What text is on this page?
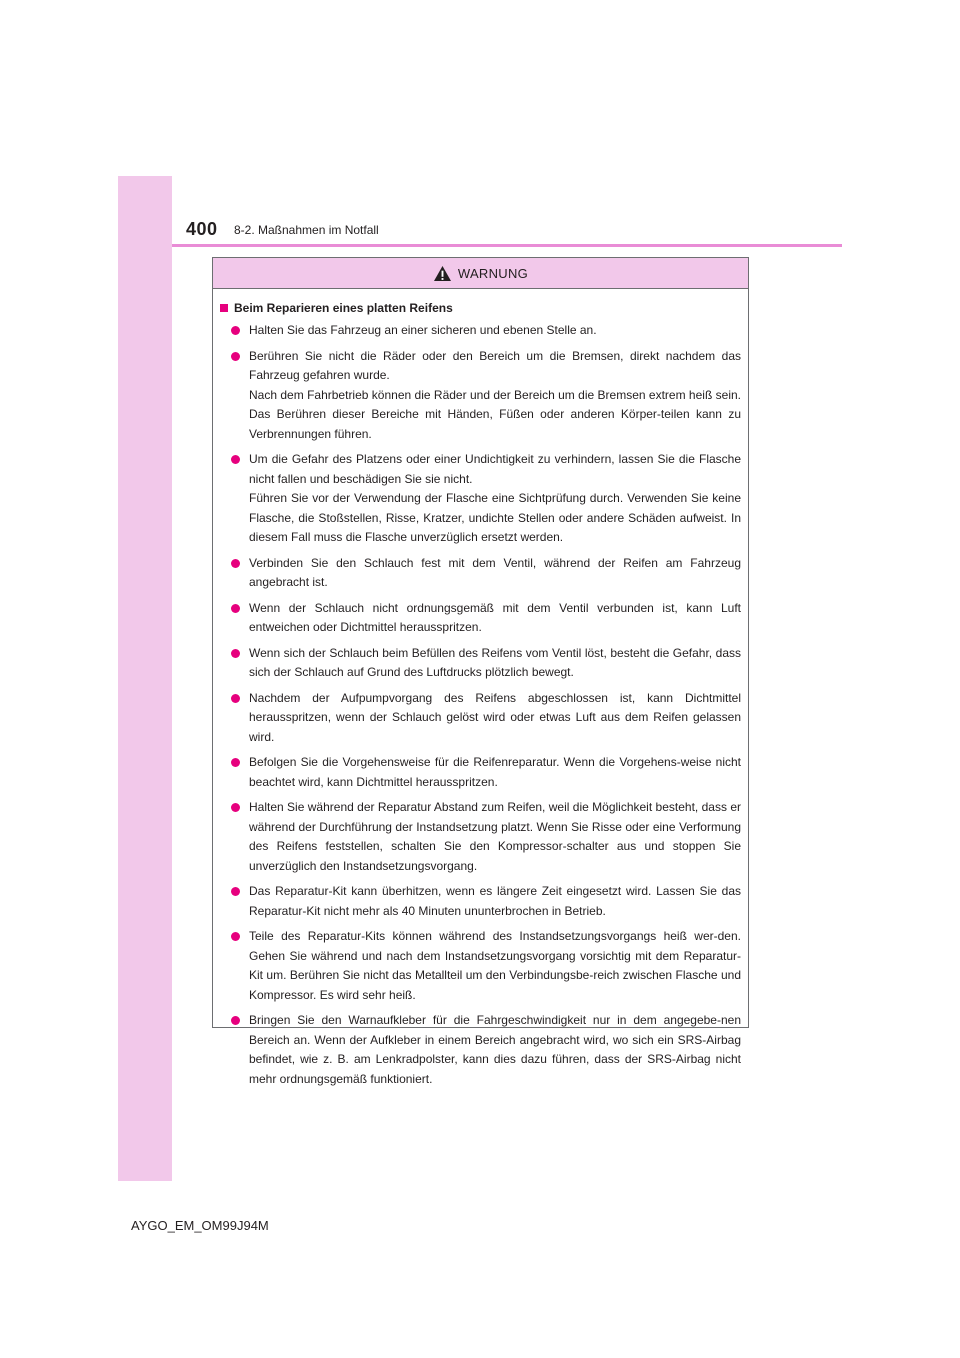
400 8-2. Maßnahmen im Notfall
WARNUNG
Beim Reparieren eines platten Reifens
Halten Sie das Fahrzeug an einer sicheren und ebenen Stelle an.
Berühren Sie nicht die Räder oder den Bereich um die Bremsen, direkt nachdem das Fahrzeug gefahren wurde.
Nach dem Fahrbetrieb können die Räder und der Bereich um die Bremsen extrem heiß sein. Das Berühren dieser Bereiche mit Händen, Füßen oder anderen Körper-teilen kann zu Verbrennungen führen.
Um die Gefahr des Platzens oder einer Undichtigkeit zu verhindern, lassen Sie die Flasche nicht fallen und beschädigen Sie sie nicht.
Führen Sie vor der Verwendung der Flasche eine Sichtprüfung durch. Verwenden Sie keine Flasche, die Stoßstellen, Risse, Kratzer, undichte Stellen oder andere Schäden aufweist. In diesem Fall muss die Flasche unverzüglich ersetzt werden.
Verbinden Sie den Schlauch fest mit dem Ventil, während der Reifen am Fahrzeug angebracht ist.
Wenn der Schlauch nicht ordnungsgemäß mit dem Ventil verbunden ist, kann Luft entweichen oder Dichtmittel herausspritzen.
Wenn sich der Schlauch beim Befüllen des Reifens vom Ventil löst, besteht die Gefahr, dass sich der Schlauch auf Grund des Luftdrucks plötzlich bewegt.
Nachdem der Aufpumpvorgang des Reifens abgeschlossen ist, kann Dichtmittel herausspritzen, wenn der Schlauch gelöst wird oder etwas Luft aus dem Reifen gelassen wird.
Befolgen Sie die Vorgehensweise für die Reifenreparatur. Wenn die Vorgehens-weise nicht beachtet wird, kann Dichtmittel herausspritzen.
Halten Sie während der Reparatur Abstand zum Reifen, weil die Möglichkeit besteht, dass er während der Durchführung der Instandsetzung platzt. Wenn Sie Risse oder eine Verformung des Reifens feststellen, schalten Sie den Kompressor-schalter aus und stoppen Sie unverzüglich den Instandsetzungsvorgang.
Das Reparatur-Kit kann überhitzen, wenn es längere Zeit eingesetzt wird. Lassen Sie das Reparatur-Kit nicht mehr als 40 Minuten ununterbrochen in Betrieb.
Teile des Reparatur-Kits können während des Instandsetzungsvorgangs heiß wer-den. Gehen Sie während und nach dem Instandsetzungsvorgang vorsichtig mit dem Reparatur-Kit um. Berühren Sie nicht das Metallteil um den Verbindungsbe-reich zwischen Flasche und Kompressor. Es wird sehr heiß.
Bringen Sie den Warnaufkleber für die Fahrgeschwindigkeit nur in dem angegebe-nen Bereich an. Wenn der Aufkleber in einem Bereich angebracht wird, wo sich ein SRS-Airbag befindet, wie z. B. am Lenkradpolster, kann dies dazu führen, dass der SRS-Airbag nicht mehr ordnungsgemäß funktioniert.
AYGO_EM_OM99J94M
